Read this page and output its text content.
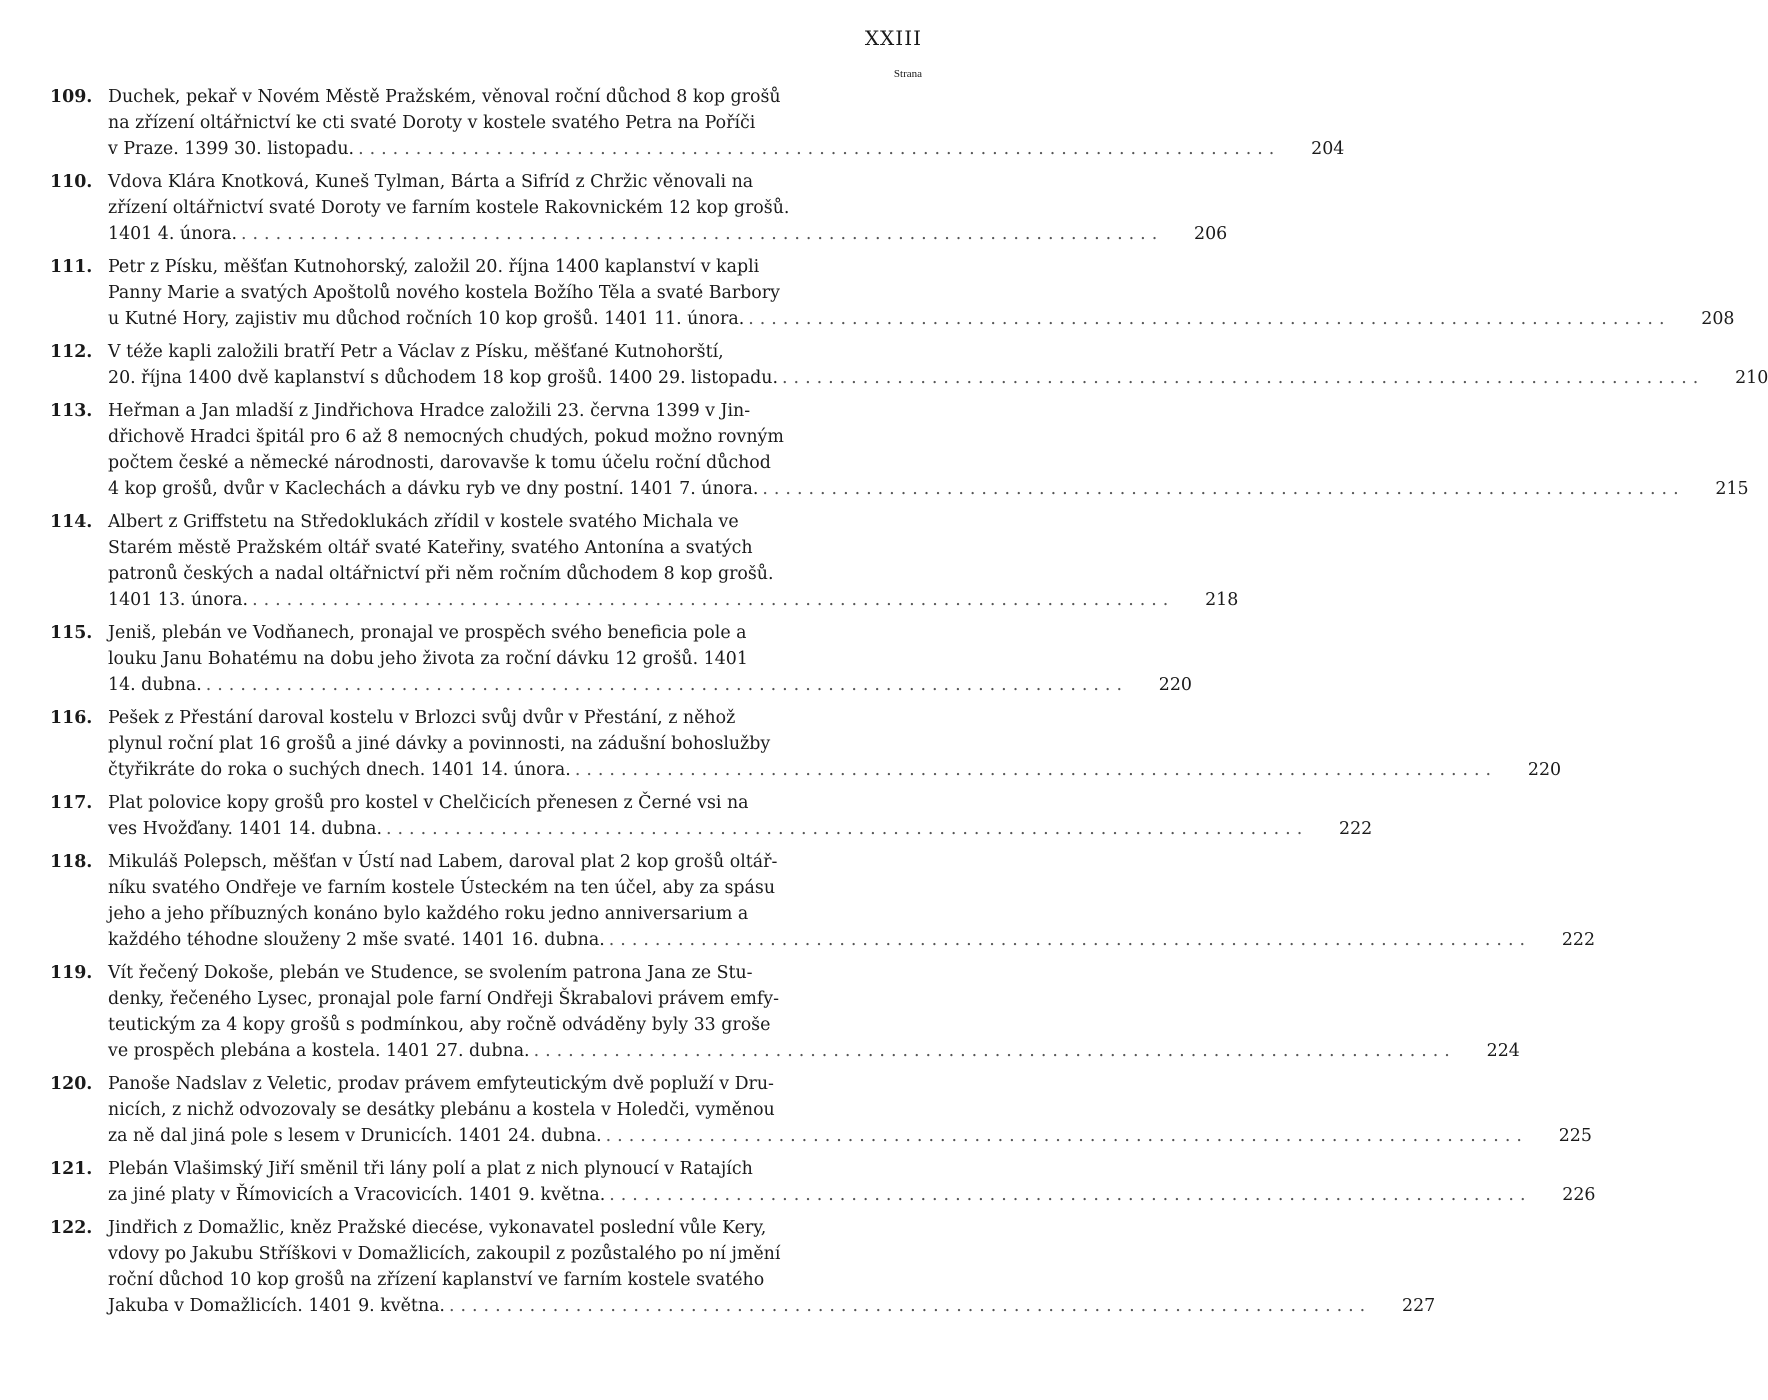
XXIII
Strana
109. Duchek, pekař v Novém Městě Pražském, věnoval roční důchod 8 kop grošů
na zřízení oltářnictví ke cti svaté Doroty v kostele svatého Petra na Poříči
v Praze. 1399 30. listopadu. ................................................................................	204
110. Vdova Klára Knotková, Kuneš Tylman, Bárta a Sifríd z Chržic věnovali na
zřízení oltářnictví svaté Doroty ve farním kostele Rakovnickém 12 kop grošů.
1401 4. února. ................................................................................	206
111. Petr z Písku, měšťan Kutnohorský, založil 20. října 1400 kaplanství v kapli
Panny Marie a svatých Apoštolů nového kostela Božího Těla a svaté Barbory
u Kutné Hory, zajistiv mu důchod ročních 10 kop grošů. 1401 11. února. ................................................................................	208
112. V téže kapli založili bratří Petr a Václav z Písku, měšťané Kutnohorští,
20. října 1400 dvě kaplanství s důchodem 18 kop grošů. 1400 29. listopadu. ................................................................................	210
113. Heřman a Jan mladší z Jindřichova Hradce založili 23. června 1399 v Jin-
dřichově Hradci špitál pro 6 až 8 nemocných chudých, pokud možno rovným
počtem české a německé národnosti, darovavše k tomu účelu roční důchod
4 kop grošů, dvůr v Kaclechách a dávku ryb ve dny postní. 1401 7. února. ................................................................................	215
114. Albert z Griffstetu na Středoklukách zřídil v kostele svatého Michala ve
Starém městě Pražském oltář svaté Kateřiny, svatého Antonína a svatých
patronů českých a nadal oltářnictví při něm ročním důchodem 8 kop grošů.
1401 13. února. ................................................................................	218
115. Jeniš, plebán ve Vodňanech, pronajal ve prospěch svého beneficia pole a
louku Janu Bohatému na dobu jeho života za roční dávku 12 grošů. 1401
14. dubna. ................................................................................	220
116. Pešek z Přestání daroval kostelu v Brlozci svůj dvůr v Přestání, z něhož
plynul roční plat 16 grošů a jiné dávky a povinnosti, na zádušní bohoslužby
čtyřikráte do roka o suchých dnech. 1401 14. února. ................................................................................	220
117. Plat polovice kopy grošů pro kostel v Chelčicích přenesen z Černé vsi na
ves Hvožďany. 1401 14. dubna. ................................................................................	222
118. Mikuláš Polepsch, měšťan v Ústí nad Labem, daroval plat 2 kop grošů oltář-
níku svatého Ondřeje ve farním kostele Ústeckém na ten účel, aby za spásu
jeho a jeho příbuzných konáno bylo každého roku jedno anniversarium a
každého téhodne slouženy 2 mše svaté. 1401 16. dubna. ................................................................................	222
119. Vít řečený Dokoše, plebán ve Studence, se svolením patrona Jana ze Stu-
denky, řečeného Lysec, pronajal pole farní Ondřeji Škrabalovi právem emfy-
teutickým za 4 kopy grošů s podmínkou, aby ročně odváděny byly 33 groše
ve prospěch plebána a kostela. 1401 27. dubna. ................................................................................	224
120. Panoše Nadslav z Veletic, prodav právem emfyteutickým dvě popluží v Dru-
nicích, z nichž odvozovaly se desátky plebánu a kostela v Holedči, vyměnou
za ně dal jiná pole s lesem v Drunicích. 1401 24. dubna. ................................................................................	225
121. Plebán Vlašimský Jiří směnil tři lány polí a plat z nich plynoucí v Ratajích
za jiné platy v Římovicích a Vracovicích. 1401 9. května. ................................................................................	226
122. Jindřich z Domažlic, kněz Pražské diecése, vykonavatel poslední vůle Kery,
vdovy po Jakubu Stříškovi v Domažlicích, zakoupil z pozůstalého po ní jmění
roční důchod 10 kop grošů na zřízení kaplanství ve farním kostele svatého
Jakuba v Domažlicích. 1401 9. května. ................................................................................	227
